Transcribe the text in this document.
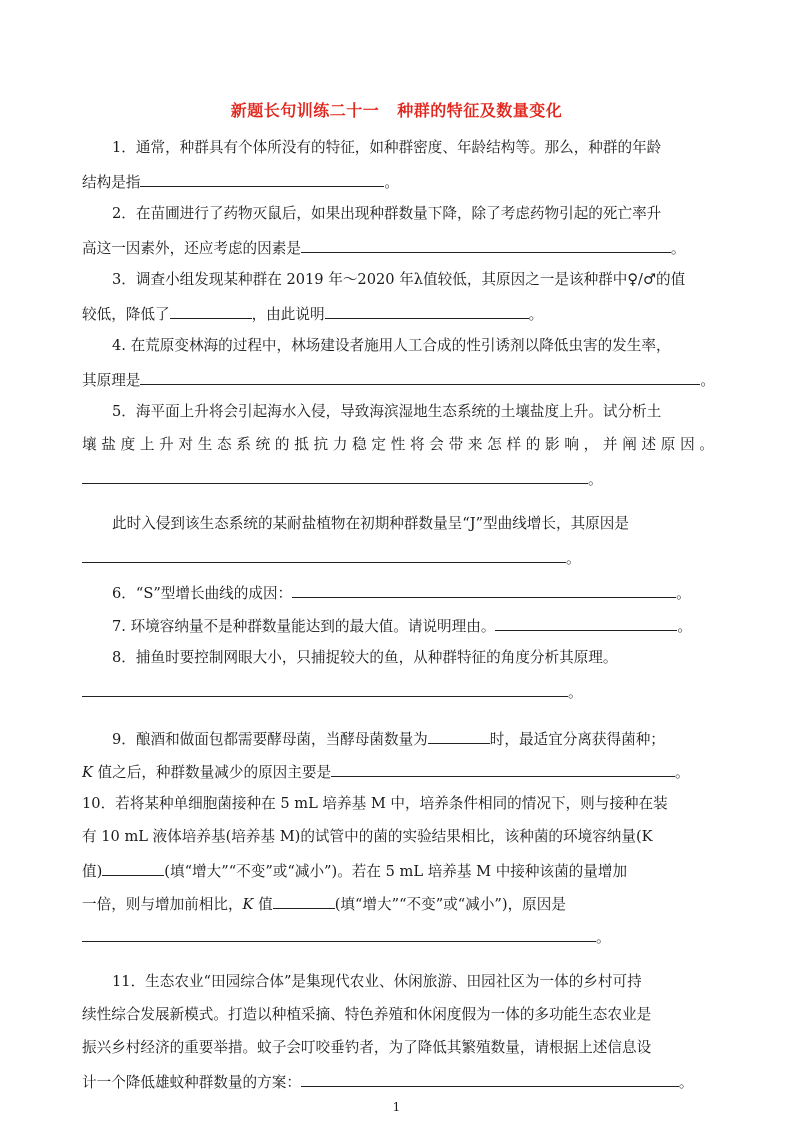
新题长句训练二十一 种群的特征及数量变化
1．通常，种群具有个体所没有的特征，如种群密度、年龄结构等。那么，种群的年龄
结构是指	。
2．在苗圃进行了药物灭鼠后，如果出现种群数量下降，除了考虑药物引起的死亡率升
高这一因素外，还应考虑的因素是	。
3．调查小组发现某种群在 2019 年～2020 年λ值较低，其原因之一是该种群中♀/♂的值
较低，降低了	，由此说明	。
4. 在荒原变林海的过程中，林场建设者施用人工合成的性引诱剂以降低虫害的发生率，
其原理是	。
5．海平面上升将会引起海水入侵，导致海滨湿地生态系统的土壤盐度上升。试分析土
壤盐度上升对生态系统的抵抗力稳定性将会带来怎样的影响，并阐述原因。
。
此时入侵到该生态系统的某耐盐植物在初期种群数量呈“J”型曲线增长，其原因是
。
6．“S”型增长曲线的成因：	。
7. 环境容纳量不是种群数量能达到的最大值。请说明理由。	。
8．捕鱼时要控制网眼大小，只捕捉较大的鱼，从种群特征的角度分析其原理。
。
9．酿酒和做面包都需要酵母菌，当酵母菌数量为	时，最适宜分离获得菌种；
K 值之后，种群数量减少的原因主要是	。
10．若将某种单细胞菌接种在 5 mL 培养基 M 中，培养条件相同的情况下，则与接种在装
有 10 mL 液体培养基(培养基 M)的试管中的菌的实验结果相比，该种菌的环境容纳量(K
值)	(填“增大”“不变”或“减小”)。若在 5 mL 培养基 M 中接种该菌的量增加
一倍，则与增加前相比，K 值	(填“增大”“不变”或“减小”)，原因是
。
11．生态农业“田园综合体”是集现代农业、休闲旅游、田园社区为一体的乡村可持
续性综合发展新模式。打造以种植采摘、特色养殖和休闲度假为一体的多功能生态农业是
振兴乡村经济的重要举措。蚊子会叮咬垂钓者，为了降低其繁殖数量，请根据上述信息设
计一个降低雄蚊种群数量的方案：	。
1
